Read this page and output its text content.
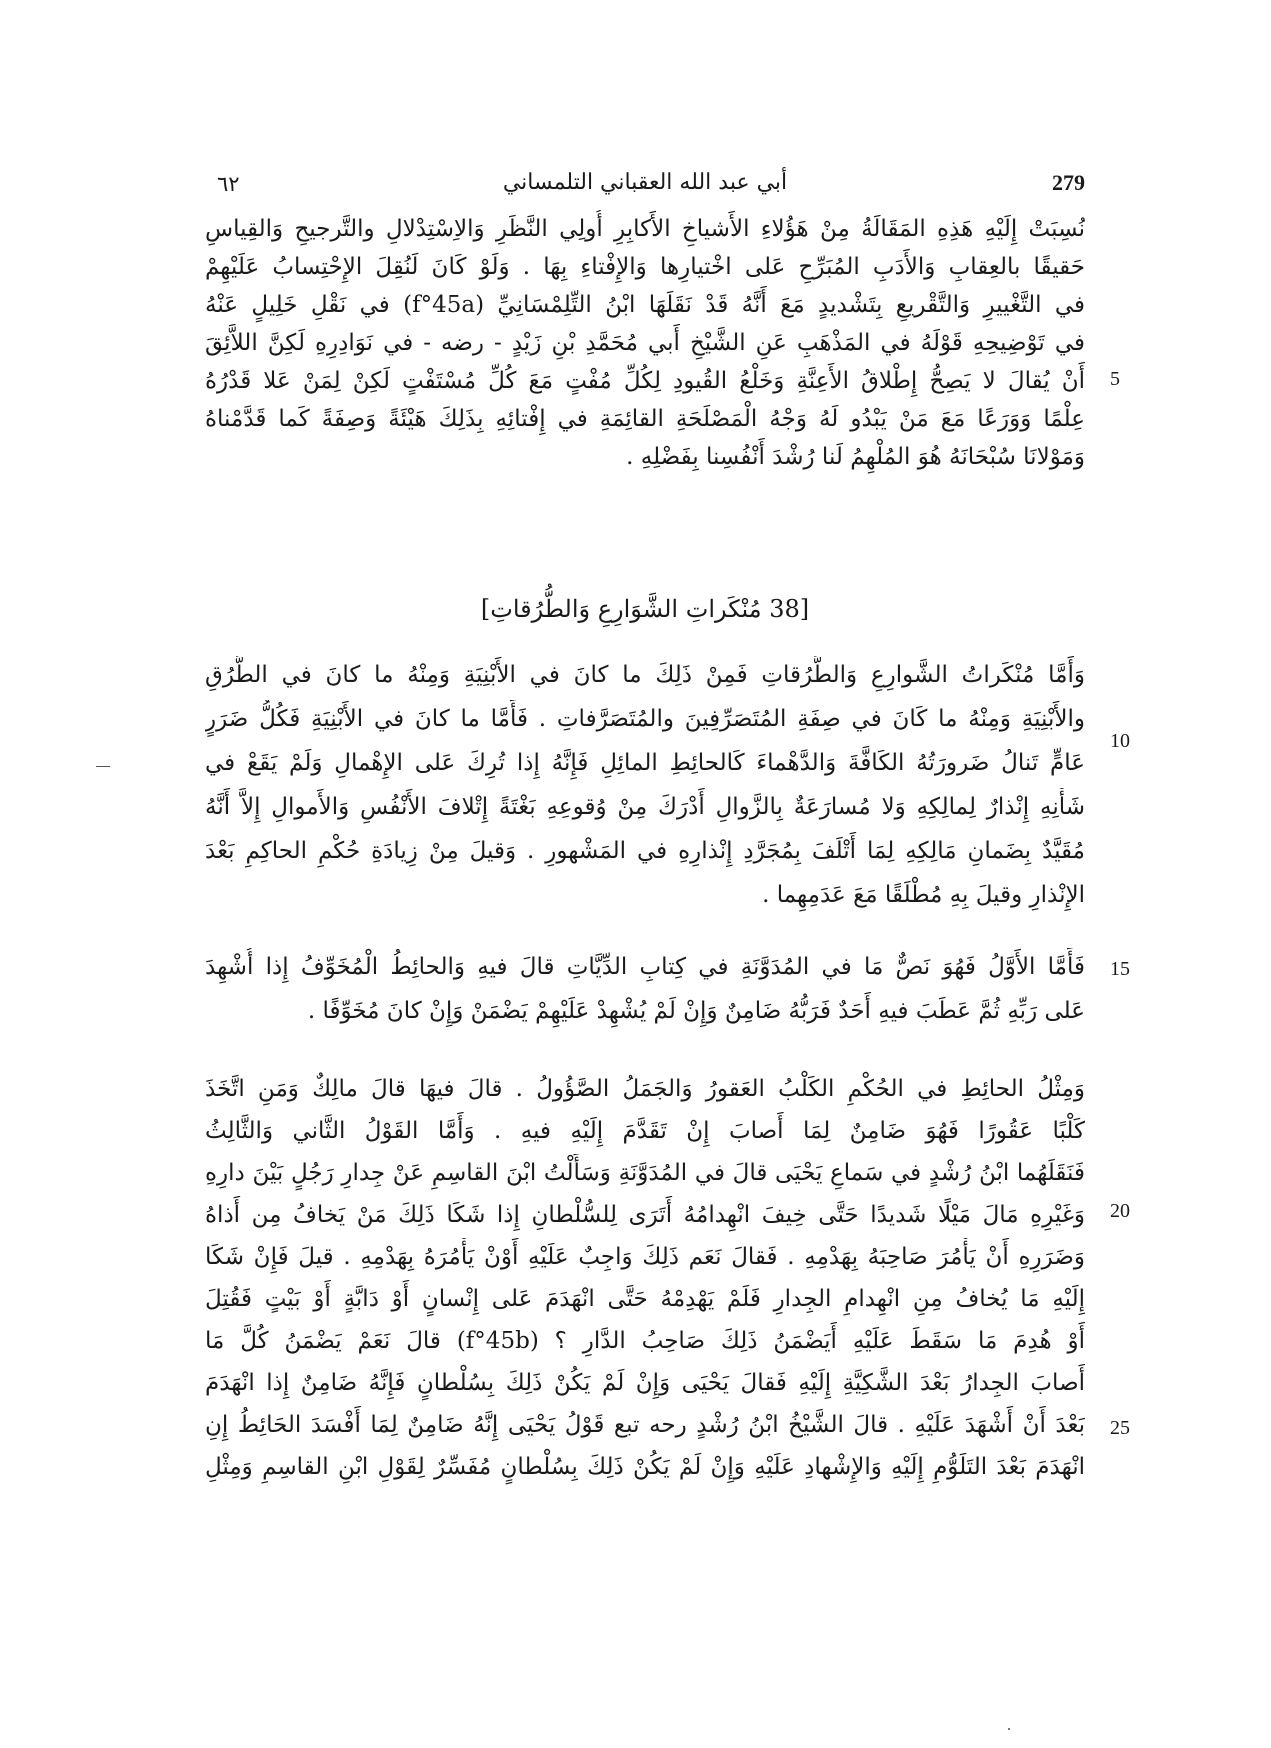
٦٢	أبي عبد الله العقباني التلمساني	279
نُسِبَتْ إِلَيْهِ هَذِهِ المَقَالَةُ مِنْ هَؤُلاءِ الأَشياخِ الأَكابِرِ أُولِي النَّظَرِ وَالاِسْتِدْلالِ والتَّرجيحِ وَالقِياسِ
حَقيقًا بالعِقابِ وَالأَدَبِ المُبَرِّحِ عَلى اخْتيارِها وَالإِفْتاءِ بِهَا . وَلَوْ كَانَ لَنُقِلَ الإِحْتِسابُ عَلَيْهِمْ
في التَّغْييرِ وَالتَّقْريعِ بِتَشْديدٍ مَعَ أَنَّهُ قَدْ نَقَلَهَا ابْنُ التِّلِمْسَانِيِّ (f°45a) في نَقْلِ خَلِيلٍ عَنْهُ
في تَوْضِيحِهِ قَوْلَهُ في المَذْهَبِ عَنِ الشَّيْخِ أَبي مُحَمَّدِ بْنِ زَيْدٍ - رضه - في نَوَادِرِهِ لَكِنَّ اللاَّئِقَ
أَنْ يُقالَ لا يَصِحُّ إِطْلاقُ الأَعِنَّةِ وَخَلْعُ القُيودِ لِكُلِّ مُفْتٍ مَعَ كُلِّ مُسْتَفْتٍ لَكِنْ لِمَنْ عَلا قَدْرُهُ
عِلْمًا وَوَرَعًا مَعَ مَنْ يَبْدُو لَهُ وَجْهُ الْمَصْلَحَةِ القائِمَةِ في إِفْتائِهِ بِذَلِكَ هَيْئَةً وَصِفَةً كَما قَدَّمْناهُ
وَمَوْلانَا سُبْحَانَهُ هُوَ المُلْهِمُ لَنا رُشْدَ أَنْفُسِنا بِفَضْلِهِ .
[38 مُنْكَراتِ الشَّوَارِعِ وَالطُّرُقاتِ]
وَأَمَّا مُنْكَراتُ الشَّوارِعِ وَالطُّرُقاتِ فَمِنْ ذَلِكَ ما كانَ في الأَبْنِيَةِ وَمِنْهُ ما كانَ في الطُّرُقِ
والأَبْنِيَةِ وَمِنْهُ ما كَانَ في صِفَةِ المُتَصَرِّفِينَ والمُتَصَرَّفاتِ . فَأَمَّا ما كانَ في الأَبْنِيَةِ فَكُلُّ ضَرَرٍ
عَامٍّ تَنالُ ضَرورَتُهُ الكَافَّةَ وَالدَّهْماءَ كَالحائِطِ المائِلِ فَإِنَّهُ إِذا تُرِكَ عَلى الإِهْمالِ وَلَمْ يَقَعْ في
شَأْنِهِ إِنْذارٌ لِمالِكِهِ وَلا مُسارَعَةٌ بِالزَّوالِ أَدْرَكَ مِنْ وُقوعِهِ بَغْتَةً إِتْلافَ الأَنْفُسِ وَالأَموالِ إِلاَّ أَنَّهُ
مُقَيَّدٌ بِضَمانِ مَالِكِهِ لِمَا أَتْلَفَ بِمُجَرَّدِ إِنْذارِهِ في المَشْهورِ . وَقيلَ مِنْ زِيادَةِ حُكْمِ الحاكِمِ بَعْدَ
الإِنْذارِ وقيلَ بِهِ مُطْلَقًا مَعَ عَدَمِهِما .
فَأَمَّا الأَوَّلُ فَهُوَ نَصٌّ مَا في المُدَوَّنَةِ في كِتابِ الدِّيَّاتِ قالَ فيهِ وَالحائِطُ الْمُخَوِّفُ إِذا أُشْهِدَ
عَلى رَبِّهِ ثُمَّ عَطَبَ فيهِ أَحَدٌ فَرَبُّهُ ضَامِنٌ وَإِنْ لَمْ يُشْهِدْ عَلَيْهِمْ يَضْمَنْ وَإِنْ كانَ مُخَوِّفًا .
وَمِثْلُ الحائِطِ في الحُكْمِ الكَلْبُ العَقورُ وَالجَمَلُ الصَّؤُولُ . قالَ فيهَا قالَ مالِكٌ وَمَنِ اتَّخَذَ
كَلْبًا عَقُورًا فَهُوَ ضَامِنٌ لِمَا أَصابَ إِنْ تَقَدَّمَ إِلَيْهِ فيهِ . وَأَمَّا القَوْلُ الثَّاني وَالثَّالِثُ
فَنَقَلَهُما ابْنُ رُشْدٍ في سَماعِ يَحْيَى قالَ في المُدَوَّنَةِ وَسَأَلْتُ ابْنَ القاسِمِ عَنْ جِدارِ رَجُلٍ بَيْنَ دارِهِ
وَغَيْرِهِ مَالَ مَيْلًا شَديدًا حَتَّى خِيفَ انْهِدامُهُ أَتَرَى لِلسُّلْطانِ إِذا شَكَا ذَلِكَ مَنْ يَخافُ مِن أَذاهُ
وَضَرَرِهِ أَنْ يَأْمُرَ صَاحِبَهُ بِهَدْمِهِ . فَقالَ نَعَم ذَلِكَ وَاجِبٌ عَلَيْهِ أَوْنْ يَأْمُرَهُ بِهَدْمِهِ . قيلَ فَإِنْ شَكَا
إِلَيْهِ مَا يُخافُ مِنِ انْهِدامِ الجِدارِ فَلَمْ يَهْدِمْهُ حَتَّى انْهَدَمَ عَلى إِنْسانٍ أَوْ دَابَّةٍ أَوْ بَيْتٍ فَقُتِلَ
أَوْ هُدِمَ مَا سَقَطَ عَلَيْهِ أَيَضْمَنُ ذَلِكَ صَاحِبُ الدَّارِ ؟ (f°45b) قالَ نَعَمْ يَضْمَنُ كُلَّ مَا
أَصابَ الجِدارُ بَعْدَ الشَّكِيَّةِ إِلَيْهِ فَقالَ يَحْيَى وَإِنْ لَمْ يَكُنْ ذَلِكَ بِسُلْطانٍ فَإِنَّهُ ضَامِنٌ إِذا انْهَدَمَ
بَعْدَ أَنْ أَشْهَدَ عَلَيْهِ . قالَ الشَّيْخُ ابْنُ رُشْدٍ رحه تبع قَوْلُ يَحْيَى إِنَّهُ ضَامِنٌ لِمَا أَفْسَدَ الحَائِطُ إِنِ
انْهَدَمَ بَعْدَ التَلَوُّمِ إِلَيْهِ وَالإِشْهادِ عَلَيْهِ وَإِنْ لَمْ يَكُنْ ذَلِكَ بِسُلْطانٍ مُفَسِّرٌ لِقَوْلِ ابْنِ القاسِمِ وَمِثْلِ
5
10
15
20
25
